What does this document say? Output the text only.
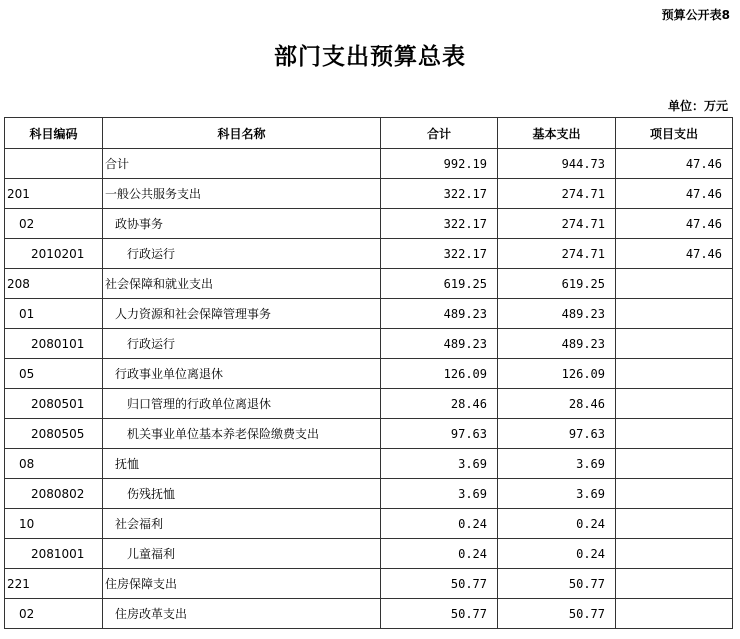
预算公开表8
部门支出预算总表
单位：万元
科目编码	科目名称	合计	基本支出	项目支出
	合计	992.19	944.73	47.46
201	一般公共服务支出	322.17	274.71	47.46
02	政协事务	322.17	274.71	47.46
2010201	行政运行	322.17	274.71	47.46
208	社会保障和就业支出	619.25	619.25	
01	人力资源和社会保障管理事务	489.23	489.23	
2080101	行政运行	489.23	489.23	
05	行政事业单位离退休	126.09	126.09	
2080501	归口管理的行政单位离退休	28.46	28.46	
2080505	机关事业单位基本养老保险缴费支出	97.63	97.63	
08	抚恤	3.69	3.69	
2080802	伤残抚恤	3.69	3.69	
10	社会福利	0.24	0.24	
2081001	儿童福利	0.24	0.24	
221	住房保障支出	50.77	50.77	
02	住房改革支出	50.77	50.77	
